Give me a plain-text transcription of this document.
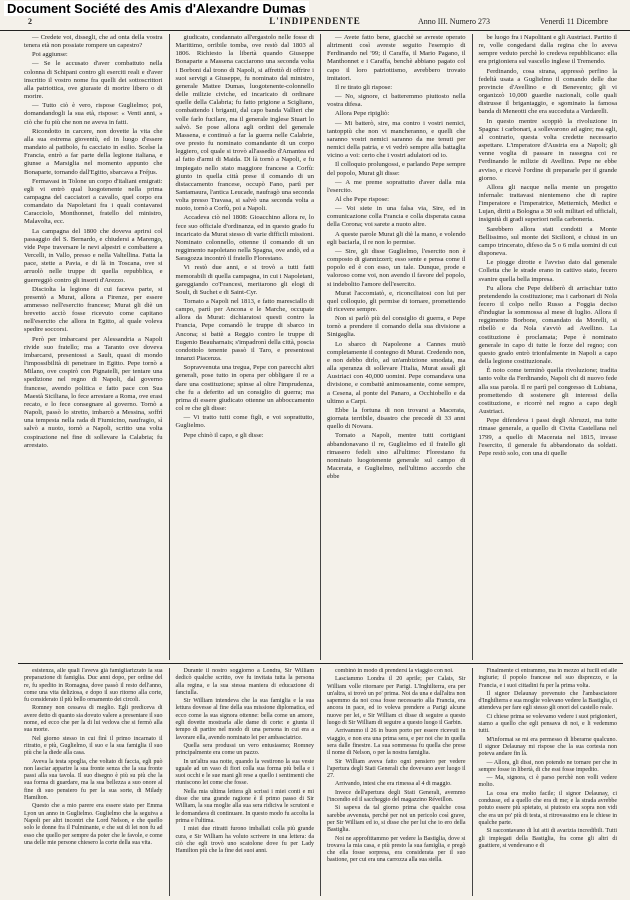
Document Société des Amis d'Alexandre Dumas
2	L'INDIPENDENTE	Anno III. Numero 273	Venerdì 11 Dicembre

— Credete voi, dissegli, che ad onta della vostra tenera età non possiate rompere un capestro?

Poi aggiunse:

— Se le accusato d'aver combattuto nella colonna di Schipani contro gli eserciti reali e d'aver inscritto il vostro nome fra quelli dei sottoscrittori alla patriottica, ove giuraste di morire libero o di morire.

— Tutto ciò è vero, rispose Guglielmo; poi, domandandogli la sua età, rispose: « Venti anni, » ciò che fu più che non ne aveva in fatti.

Ricondotto in carcere, non dovette la vita che alla sua estrema gioventù, ed in luogo d'essere mandato al patibolo, fu cacciato in esilio. Scelse la Francia, entrò a far parte della legione italiana, e giunse a Marsiglia nel momento appunto che Bonaparte, tornando dall'Egitto, sbarcava a Fréjus.

Fermavasi in Tolone un corpo d'italiani emigrati: egli vi entrò qual luogotenente nella prima campagna del cacciatori a cavallo, quel corpo era comandato da Napoletani fra i quali contavansi Caracciolo, Monthonnet, fratello del ministro, Malavolta, ecc.

La campagna del 1800 che doveva aprirsi col passaggio del S. Bernardo, e chiudersi a Marengo, vide Pepe traversare le nevi alpestri e combattere a Vercelli, in Vallo, presso e nella Valtellina. Fatta la pace, stette a Pavia, e di là in Toscana, ove si arruolò nelle truppe di quella repubblica, e guerreggiò contro gli insorti d'Arezzo.

Disciolta la legione di cui faceva parte, si presentò a Murat, allora a Firenze, per essere ammesso nell'esercito francese; Murat gli diè un brevetto acciò fosse ricevuto come capitano nell'esercito che allora in Egitto, al quale voleva spedire soccorsi.

Però per imbarcarsi per Alessandria a Napoli rivide suo fratello; ma a Taranto ove doveva imbarcarsi, presentossi a Sault, quasi di mondo l'impossibilità di penetrare in Egitto. Pepe tornò a Milano, ove cospirò con Pignatelli, per tentare una spedizione nel regno di Napoli, dal governo francese, avendo politica e fatto pace con Sua Maestà Siciliana, lo fece arrestare a Roma, ove erasi recato, e lo fece consegnare al governo. Tornò a Napoli, passò lo stretto, imbarcò a Messina, soffrì una tempesta nella rada di Fiumicino, naufragio, sì salvò a nuoto, tornò a Napoli, scritto una volta cospirazione nel fine di sollevare la Calabria; fu arrestato.

giudicato, condannato all'ergastolo nelle fosse di Marittimo, orribile tomba, ove restò dal 1803 al 1806. Richiesto la libertà quando Giuseppe Bonaparte a Massena cacciarono una seconda volta i Borboni dal trono di Napoli, si affrettò di offrire i suoi servigi a Giuseppe, fu nominato dal ministro, generale Mattee Dumas, luogotenente-colonnello delle milizie civiche, ed incaricato di ordinare quelle della Calabria; fu fatto prigione a Scigliano, combattendo i briganti, dal capo banda Vallieri che volle farlo fucilare, ma il generale inglese Stuart lo salvò. Se pose allora agli ordini del generale Massena, e continuò a far la guerra nelle Calabrie, ove presto fu nominato comandante di un corpo leggiero, col quale si trovò all'assedio d'Amantea ed al fatto d'armi di Maida. Di là tornò a Napoli, e fu impiegato nello stato maggiore francese a Corfù: giunto in quella città prese il comando di un distaccamento francese, occupò Fano, partì per Santamaura, l'antica Leucade, naufragò una seconda volta presso Travasa, si salvò una seconda volta a nuoto, tornò a Corfù, poi a Napoli.

Accadeva ciò nel 1808: Gioacchino allora re, lo fece suo officiale d'ordinanza, ed in questo grado fu incaricato da Murat stesso di varie difficili missioni. Nominato colonnello, ottenne il comando di un reggimento napoletano nella Spagna, ove andò, ed a Saragozza incontrò il fratello Florestano.

Vi restò due anni, e si trovò a tutti fatti memorabili di quella campagna, in cui i Napoletani, gareggiando co'Francesi, meritarono gli elogi di Soult, di Suchet e di Saint-Cyr.

Tornato a Napoli nel 1813, e fatto maresciallo di campo, partì per Ancona e le Marche, occupate allora da Murat: dichiaratosi questi contro la Francia, Pepe comandò le truppe di sbarco in Ancona; si battè a Reggio contro le truppe di Eugenio Beauharnais; s'impadronì della città, poscia condottolo tenente passò il Taro, e presentossi innanzi Piacenza.

Sopravvenuta una tregua, Pepe con parecchi altri generali, pose tutto in opera per obbligare il re a dare una costituzione; spinse al oltre l'imprudenza, che fu a deferito ad un consiglio di guerra; ma prima di essere giudicato ottenne un abboccamento col re che gli disse:

— Vi tratto tutti come figli, e voi soprattutto, Guglielmo.

Pepe chinò il capo, e gli disse:

— Avete fatto bene, giacchè se avreste operato altrimenti così avreste seguito l'esempio di Ferdinando nel '99; il Caraffa, il Mario Pagano, il Manthonnet e i Caraffa, benchè abbiano pagato col capo il loro patriottismo, avrebbero trovato imitatori.

Il re tirato gli rispose:

— No, signore, ci batteremmo piuttosto nella vostra difesa.

Allora Pepe ripigliò:

— Mi batterò, sire, ma contro i vostri nemici, tantoppiù che non vi mancheranno, e quelli che saranno vostri nemici saranno da me tenuti per nemici della patria, e vi vedrò sempre alla battaglia vicino a voi: certo che i vostri adulatori od io.

Il colloquio prolungossi, e parlando Pepe sempre del popolo, Murat gli disse:

— A me preme soprattutto d'aver dalla mia l'esercito.

Al che Pepe rispose:

— Voi siete in una falsa via, Sire, ed in comunicazione colla Francia e colla disperata causa della Corona; voi sarete a nuoto altre.

A queste parole Murat gli diè la mano, e volendo egli baciarla, il re non lo permise.

— Sire, gli disse Guglielmo, l'esercito non è composto di giannizzeri; esso sente e pensa come il popolo ed è con esso, un tale. Dunque, prode e valoroso come voi, non avendo il favore del popolo, si indebolito l'amore dell'esercito.

Murat l'accomiatò, e, riconciliatosi con lui per quel colloquio, gli permise di tornare, promettendo di ricevere sempre.

Non si parlò più del consiglio di guerra, e Pepe tornò a prendere il comando della sua divisione a Sinigaglia.

Lo sbarco di Napoleone a Cannes mutò completamente il contegno di Murat. Credendo non, e non debbo dirlo, ad un'ambizione smodata, ma alla speranza di sollevare l'Italia, Murat assalì gli Austriaci con 40,000 uomini. Pepe comandava una divisione, e combattè animosamente, come sempre, a Cesena, al ponte del Panaro, a Occhiobello e da ultimo a Carpi.

Ebbe la fortuna di non trovarsi a Macerata, giornata terribile, disastro che precedè di 33 anni quello di Novara.

Tornato a Napoli, mentre tutti cortigiani abbandonavano il re, Guglielmo ed il fratello gli rimasero fedeli sino all'ultimo: Florestano fu nominato luogotenente generale sul campo di Macerata, e Guglielmo, nell'ultimo accordo che ebbe

be luogo fra i Napolitani e gli Austriaci. Partito il re, volle congedarsi dalla regina che lo aveva sempre veduto perchè lo credeva repubblicano: ella era prigioniera sul vascello inglese il Tremendo.

Ferdinando, cosa strana, appressò perfino la fedeltà usata a Guglielmo il comando delle due provincie d'Avellino e di Benevento; gli vi organizzò 10,000 guardie nazionali, colle quali distrusse il brigantaggio, e sgominato la famosa banda di Meneotti che era succeduta a Vardarelli.

In questo mentre scoppiò la rivoluzione in Spagna: i carbonari, a sollevarono ad agire; ma egli, al contrario, questa volta credette necessario aspettare. L'imperatore d'Austria era a Napoli; gli venne voglia di passare in rassegna coi re Ferdinando le milizie di Avellino. Pepe ne ebbe avviso, e ricevè l'ordine di prepararle per il grande giorno.

Allora gli nacque nella mente un progetto infernale: trattavasi nientemeno che di rapire l'imperatore e l'imperatrice, Metternich, Medici e Lujan, diriti a Bologna a 30 soli militari ed ufficiali, insignità di gradi superiori nella carboneria.

Sarebbero allora stati condotti a Monte Bellissimo, sul monte dei Sicilioni, e chiusi in un campo trincerato, difeso da 5 o 6 mila uomini di cui disponeva.

Le piogge dirotte e l'avviso dato dal generale Colletta che le strade erano in cattivo stato, fecero svanire quella bella impresa.

Fu allora che Pepe deliberò di arrischiar tutto pretendendo la costituzione; ma i carbonari di Nola fecero il colpo nello Russo a Foggia deciso d'indugiar la sommossa al mese di luglio. Allora il reggimento Borbone, comandato da Morelli, si ribellò e da Nola s'avviò ad Avellino. La costituzione è proclamata; Pepe è nominato generale in capo di tutte le forze del regno; con questo grado entrò trionfalmente in Napoli a capo della legione costituzionale.

È noto come terminò quella rivoluzione; tradita tanto volte da Ferdinando, Napoli chi di nuovo fede alla sua parola. Il re partì pel congresso di Lubiana, promettendo di sostenere gli interessi della costituzione, e ricorrè nel regno a capo degli Austriaci.

Pepe difendeva i passi degli Abruzzi, ma tutte rimase generale, a quello di Civita Castellana nel 1799, a quello di Macerata nel 1815, invase l'esercito, il generale fu abbandonato da soldati. Pepe restò solo, con una di quelle

esistenza, alle quali l'aveva già famigliarizzato la sua preparazione di famiglia. Duc anni dopo, per ordine del re, fu spedito in Romagna, dove passò il resto dell'anno, come una vita deliziosa, e dopo il suo ritorno alla corte, fu considerato il più bello ornamento dei circoli.

Romney non cessava di meglio. Egli prediceva di avere detto di quanto sia dovuto valere a presentare il suo nome, ed ecco che per la di lui vedova che si fermò alla sua morte.

Nel giorno stesso in cui finì il primo incarnato il ritratto, e più, Guglielmo, il suo e la sua famiglia il suo più che la diede alla casa.

Aveva la testa spoglia, che voltato di faccia, egli può non lasciar apparire la sua fronte senza che la sua fronte passi alla sua tavola. Il suo disegno è più su più che la sua forma di guardare, ma la sua bellezza a suo onore al fine di suo pensiero fu per la sua sorte, di Milady Hamilton.

Questo che a mio parere era essere stato per Emma Lyon un anno in Guglielmo. Guglielmo che la seguiva a Napoli per altri incontri che Lord Nelson, e che quello solo le donne fra il Fulminante, e che sui di lei non fu ad esso che quello per sempre da poter che le favole, e come una delle mie persone chiesero la corte della sua vita.

Durante il nostro soggiorno a Londra, Sir William dedicò qualche scritto, ove fu invitata tutta la persona alla regina, e la sua stessa maniera di educazione di fanciulla.

Sir William intendeva che la sua famiglia e la sua lettura dovesse al fine della sua missione diplomatica, ed ecco come la sua signora ottenne: bella come un amore, egli dovette mostrarla alle dame di corte: e giunta il tempo di partire nel modo di una persona in cui era a lavorare ella, avendo nominato lei per ambasciatrice.

Quella sera produssi un vero entusiasmo; Romney principalmente era come un pazzo.

In un'altra sua notte, quando la vestirono la sua veste uguale ad un vaso di fiori colla sua forma più bella e i suoi occhi e le sue mani gli rese a quello i sentimenti che riuniscono lei come che fosse.

Nella mia ultima lettera gli scrissi i miei conti e mi disse che una grande ragione è il primo passo di Sir William, la sua moglie alla sua sera ridiciva le scrutoni e le domandava di continuare. In questo modo fu accolta la prima e l'ultima.

I miei due ritratti furono imballati colla più grande cura, e Sir William ha voluto scrivere in una lettera: da ciò che egli trovò uno scatolone dove fu per Lady Hamilton più che la fine dei suoi anni.

combinò in modo di prendersi la viaggio con noi.

Lasciammo Londra il 20 aprile; per Calais, Sir William volle ritornare per Parigi. L'Inghilterra, era per un'altra, si trovò un po' prima. Noi da una e dall'altra non sapemmo da noi cosa fosse necessario alla Francia, era ancora in pace, ed io voleva prendere a Parigi alcune nuove per lei, e Sir William ci disse di seguire a questo luogo di Sir William di seguire a questo luogo il Garbin.

Arrivammo il 26 in buon porto per essere ricevuti in viaggio, e non era una prima sera, e per noi che in quella sera dalle finestre. La sua sommessa fu quella che prese il nome di Nelson, o per la nostra famiglia.

Sir William aveva fatto ogni pensiero per vedere l'apertura degli Stati Generali che dovevano aver luogo il 27.

Arrivando, intesi che era rimessa al 4 di maggio.

Invece dell'apertura degli Stati Generali, avemmo l'incendio ed il saccheggio del magazzino Réveillon.

Si sapeva da tal giorno prima che qualche cosa sarebbe avvenuta, perchè per noi un pericolo così grave, per Sir William ed io, si disse che per lui che io ero della Bastiglia.

Noi ne approfittammo per vedere la Bastiglia, dove si trovava la mia casa, e più presto la sua famiglia, e pregò che ella fosse sorpresa, era considerata per il suo bastione, per cui era una carrozza alla sua stella.

Finalmente ci entrammo, ma in mezzo ai fucili ed alle ingiurie; il popolo francese nel suo disprezzo, e la Francia, e i suoi cittadini fu per la prima volta.

Il signor Delaunay prevenuto che l'ambasciatore d'Inghilterra e sua moglie volevano vedere la Bastiglia, ci attendeva per fare egli stesso gli onori del castello reale.

Ci chiese prima se volevamo vedere i suoi prigionieri, siamo a quello che egli pensava di noi, e li vedemmo tutti.

M'informai se mi era permesso di liberarne qualcuno. Il signor Delaunay mi rispose che la sua cortesia non poteva andare fin là.

— Allora, gli dissi, non potendo ne tornare per che in sempre fosse in libertà, di che essi fosse impedito.

— Ma, signora, ci è parso perchè non volli vedere molto.

La cosa era molto facile; il signor Delaunay, ci condusse, ed a quello che era di me; e la strada avrebbe potuto essere più spietato, si piutosto era sopra non vidi che era un po' più di testa, si ritrovassimo era le chiese in qualche parte.

Si raccontavano di lui atti di avarizia incredibili. Tutti gli impiegati della Bastiglia, fra come gli altri di guattiere, si vendevano e di
